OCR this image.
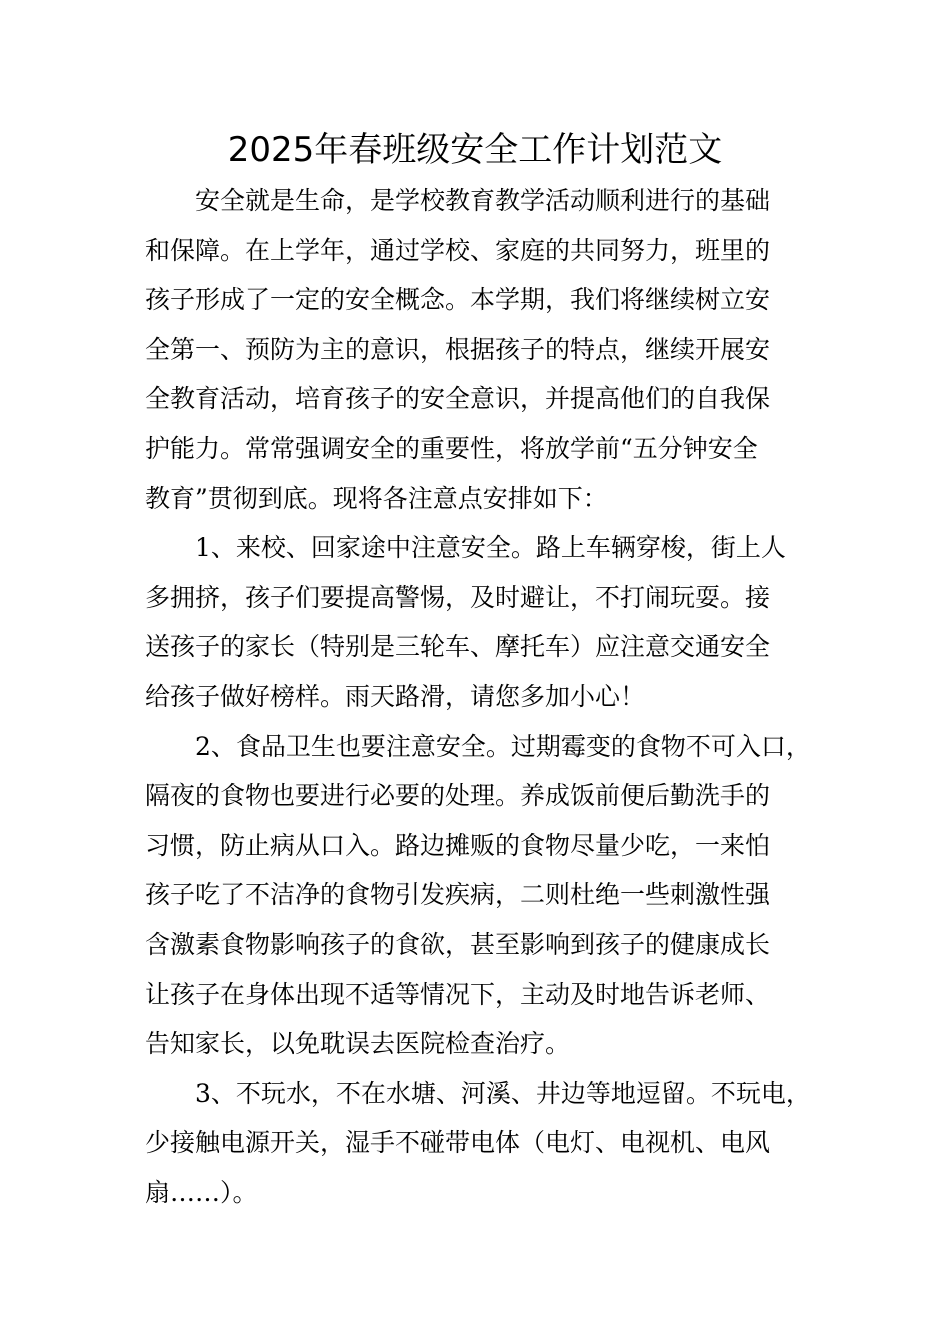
2025年春班级安全工作计划范文

安全就是生命，是学校教育教学活动顺利进行的基础
和保障。在上学年，通过学校、家庭的共同努力，班里的
孩子形成了一定的安全概念。本学期，我们将继续树立安
全第一、预防为主的意识，根据孩子的特点，继续开展安
全教育活动，培育孩子的安全意识，并提高他们的自我保
护能力。常常强调安全的重要性，将放学前“五分钟安全
教育”贯彻到底。现将各注意点安排如下：

1、来校、回家途中注意安全。路上车辆穿梭，街上人
多拥挤，孩子们要提高警惕，及时避让，不打闹玩耍。接
送孩子的家长（特别是三轮车、摩托车）应注意交通安全
给孩子做好榜样。雨天路滑，请您多加小心！

2、食品卫生也要注意安全。过期霉变的食物不可入口，
隔夜的食物也要进行必要的处理。养成饭前便后勤洗手的
习惯，防止病从口入。路边摊贩的食物尽量少吃，一来怕
孩子吃了不洁净的食物引发疾病，二则杜绝一些刺激性强
含激素食物影响孩子的食欲，甚至影响到孩子的健康成长
让孩子在身体出现不适等情况下，主动及时地告诉老师、
告知家长，以免耽误去医院检查治疗。

3、不玩水，不在水塘、河溪、井边等地逗留。不玩电，
少接触电源开关，湿手不碰带电体（电灯、电视机、电风
扇……）。
